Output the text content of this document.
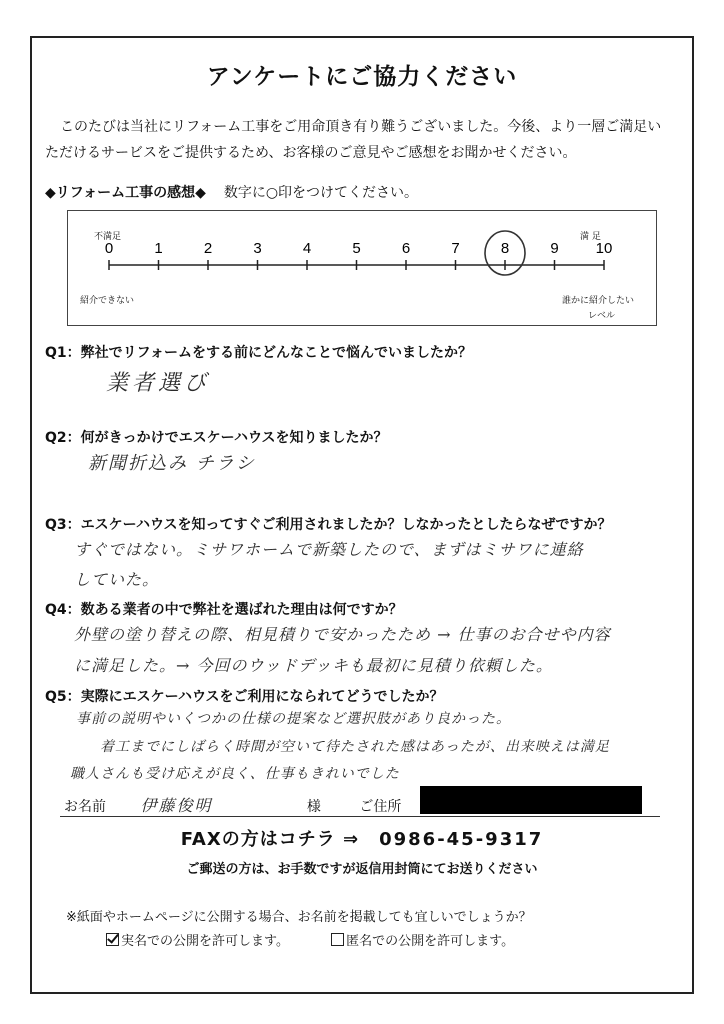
アンケートにご協力ください
このたびは当社にリフォーム工事をご用命頂き有り難うございました。今後、より一層ご満足い
ただけるサービスをご提供するため、お客様のご意見やご感想をお聞かせください。
◆リフォーム工事の感想◆ 数字に○印をつけてください。
不満足	満 足
0	1	2	3	4	5	6	7	8	9 10
紹介できない	誰かに紹介したい
レベル
Q1：弊社でリフォームをする前にどんなことで悩んでいましたか？
業者選び
Q2：何がきっかけでエスケーハウスを知りましたか？
新聞折込み チラシ
Q3：エスケーハウスを知ってすぐご利用されましたか？しなかったとしたらなぜですか？
すぐではない。ミサワホームで新築したので、まずはミサワに連絡
していた。
Q4：数ある業者の中で弊社を選ばれた理由は何ですか？
外壁の塗り替えの際、相見積りで安かったため → 仕事のお合せや内容
に満足した。→ 今回のウッドデッキも最初に見積り依頼した。
Q5：実際にエスケーハウスをご利用になられてどうでしたか？
事前の説明やいくつかの仕様の提案など選択肢があり良かった。
着工までにしばらく時間が空いて待たされた感はあったが、出来映えは満足
職人さんも受け応えが良く、仕事もきれいでした
お名前 伊藤俊明	様	ご住所
FAXの方はコチラ ⇒ 0986-45-9317
ご郵送の方は、お手数ですが返信用封筒にてお送りください
※紙面やホームページに公開する場合、お名前を掲載しても宜しいでしょうか？
実名での公開を許可します。	匿名での公開を許可します。
